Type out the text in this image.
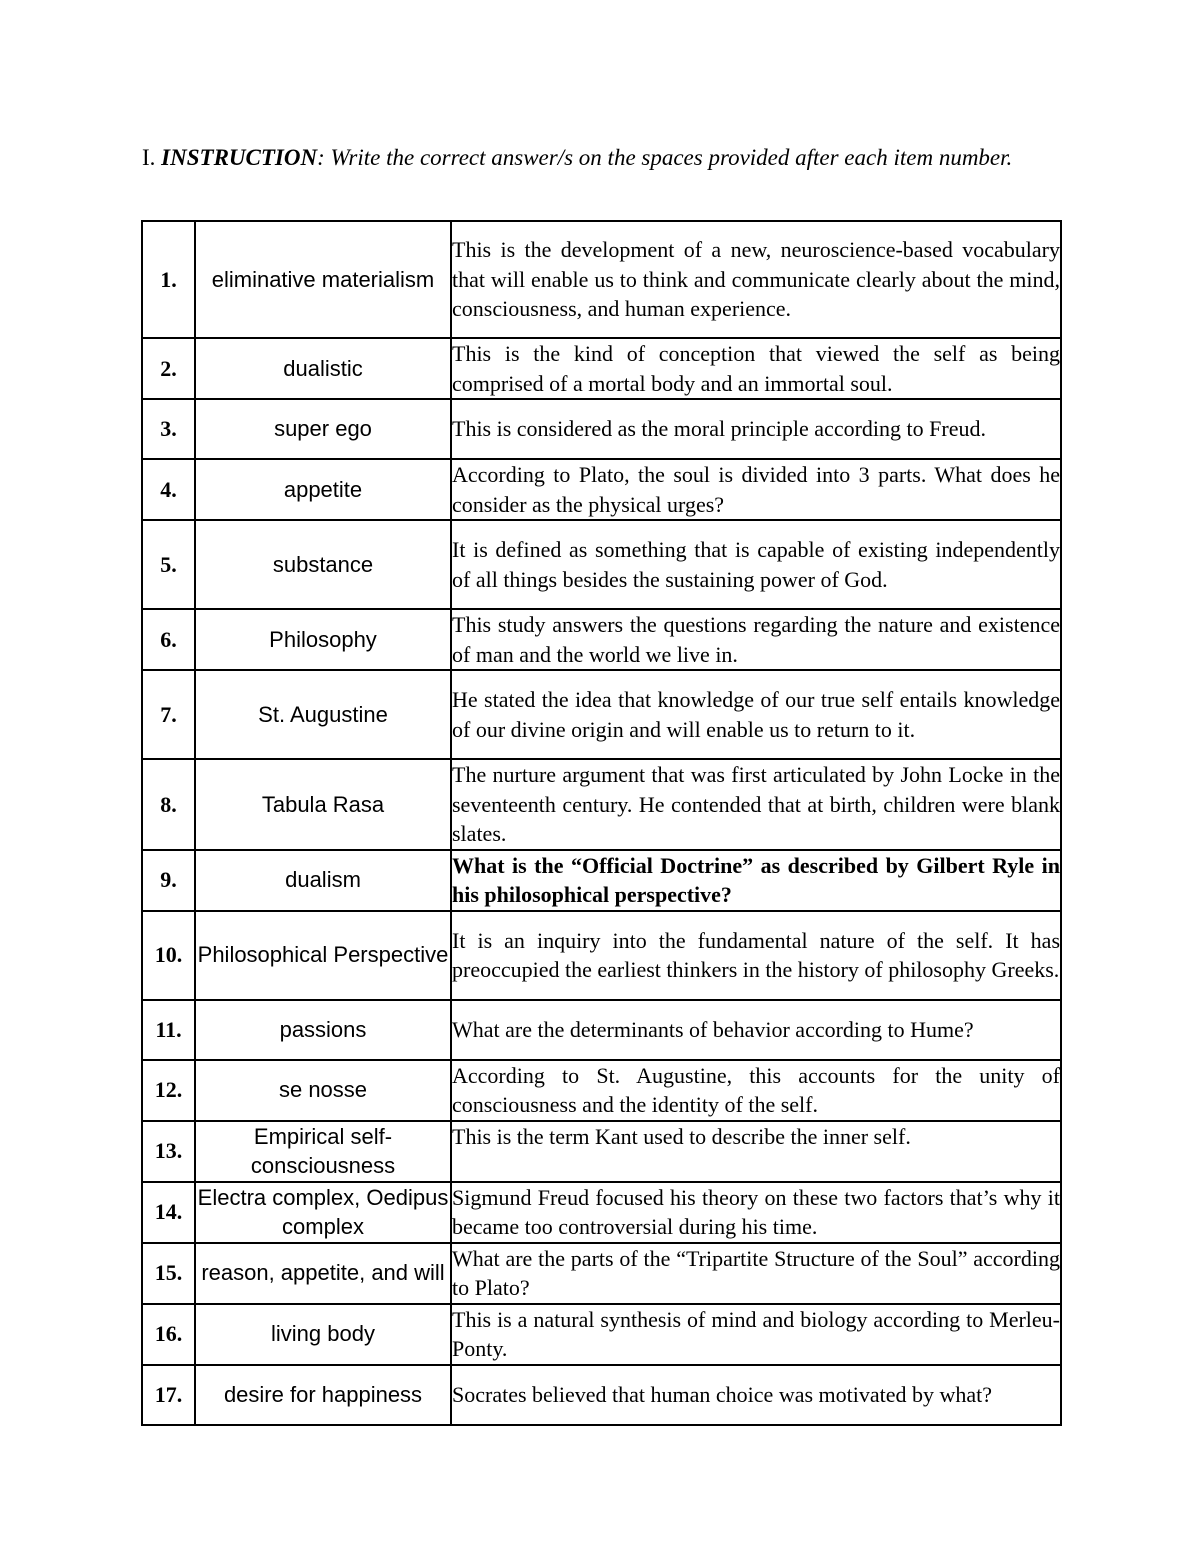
I. INSTRUCTION: Write the correct answer/s on the spaces provided after each item number.
1.	eliminative materialism	This is the development of a new, neuroscience-based vocabulary that will enable us to think and communicate clearly about the mind, consciousness, and human experience.
2.	dualistic	This is the kind of conception that viewed the self as being comprised of a mortal body and an immortal soul.
3.	super ego	This is considered as the moral principle according to Freud.
4.	appetite	According to Plato, the soul is divided into 3 parts. What does he consider as the physical urges?
5.	substance	It is defined as something that is capable of existing independently of all things besides the sustaining power of God.
6.	Philosophy	This study answers the questions regarding the nature and existence of man and the world we live in.
7.	St. Augustine	He stated the idea that knowledge of our true self entails knowledge of our divine origin and will enable us to return to it.
8.	Tabula Rasa	The nurture argument that was first articulated by John Locke in the seventeenth century. He contended that at birth, children were blank slates.
9.	dualism	What is the “Official Doctrine” as described by Gilbert Ryle in his philosophical perspective?
10.	Philosophical Perspective	It is an inquiry into the fundamental nature of the self. It has preoccupied the earliest thinkers in the history of philosophy Greeks.
11.	passions	What are the determinants of behavior according to Hume?
12.	se nosse	According to St. Augustine, this accounts for the unity of consciousness and the identity of the self.
13.	Empirical self-consciousness	This is the term Kant used to describe the inner self.
14.	Electra complex, Oedipus complex	Sigmund Freud focused his theory on these two factors that’s why it became too controversial during his time.
15.	reason, appetite, and will	What are the parts of the “Tripartite Structure of the Soul” according to Plato?
16.	living body	This is a natural synthesis of mind and biology according to Merleu-Ponty.
17.	desire for happiness	Socrates believed that human choice was motivated by what?
